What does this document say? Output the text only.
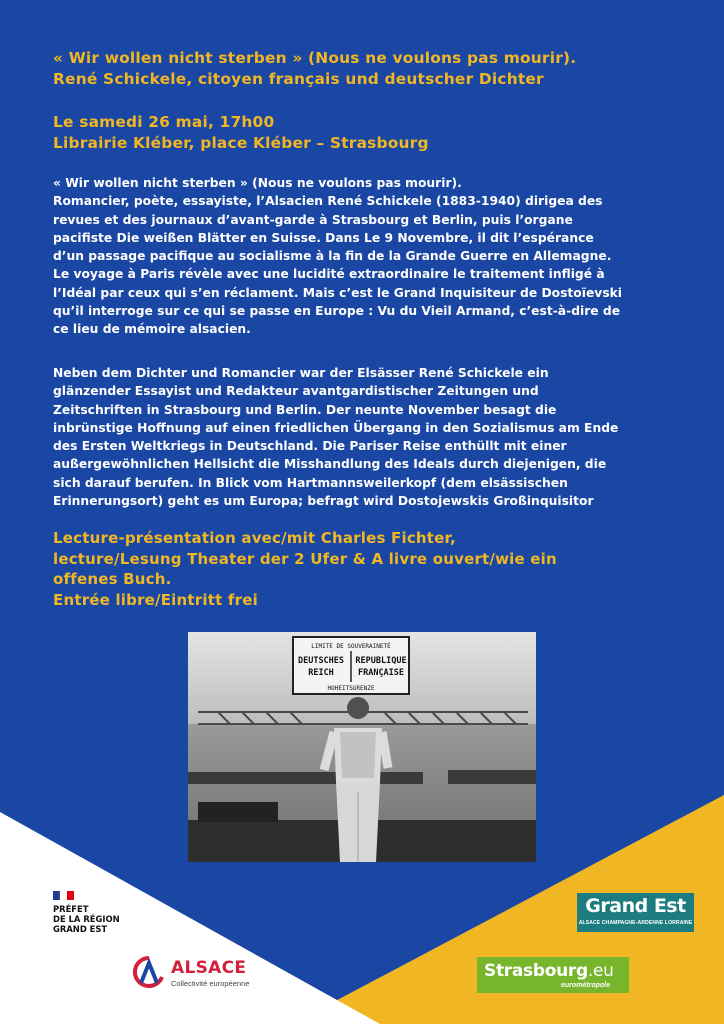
« Wir wollen nicht sterben » (Nous ne voulons pas mourir).
René Schickele, citoyen français und deutscher Dichter
Le samedi 26 mai, 17h00
Librairie Kléber, place Kléber – Strasbourg
« Wir wollen nicht sterben » (Nous ne voulons pas mourir).
Romancier, poète, essayiste, l’Alsacien René Schickele (1883-1940) dirigea des
revues et des journaux d’avant-garde à Strasbourg et Berlin, puis l’organe
pacifiste Die weißen Blätter en Suisse. Dans Le 9 Novembre, il dit l’espérance
d’un passage pacifique au socialisme à la fin de la Grande Guerre en Allemagne.
Le voyage à Paris révèle avec une lucidité extraordinaire le traitement infligé à
l’Idéal par ceux qui s’en réclament. Mais c’est le Grand Inquisiteur de Dostoïevski
qu’il interroge sur ce qui se passe en Europe : Vu du Vieil Armand, c’est-à-dire de
ce lieu de mémoire alsacien.
Neben dem Dichter und Romancier war der Elsässer René Schickele ein
glänzender Essayist und Redakteur avantgardistischer Zeitungen und
Zeitschriften in Strasbourg und Berlin. Der neunte November besagt die
inbrünstige Hoffnung auf einen friedlichen Übergang in den Sozialismus am Ende
des Ersten Weltkriegs in Deutschland. Die Pariser Reise enthüllt mit einer
außergewöhnlichen Hellsicht die Misshandlung des Ideals durch diejenigen, die
sich darauf berufen. In Blick vom Hartmannsweilerkopf (dem elsässischen
Erinnerungsort) geht es um Europa; befragt wird Dostojewskis Großinquisitor
Lecture-présentation avec/mit Charles Fichter,
lecture/Lesung Theater der 2 Ufer & A livre ouvert/wie ein
offenes Buch.
Entrée libre/Eintritt frei
LIMITE DE SOUVERAINETÉ
DEUTSCHES
REICH
REPUBLIQUE
FRANÇAISE
HOHEITSGRENZE
PRÉFET
DE LA RÉGION
GRAND EST
ALSACE
Collectivité européenne
Grand Est
ALSACE CHAMPAGNE-ARDENNE LORRAINE
Strasbourg.eu
eurométropole
